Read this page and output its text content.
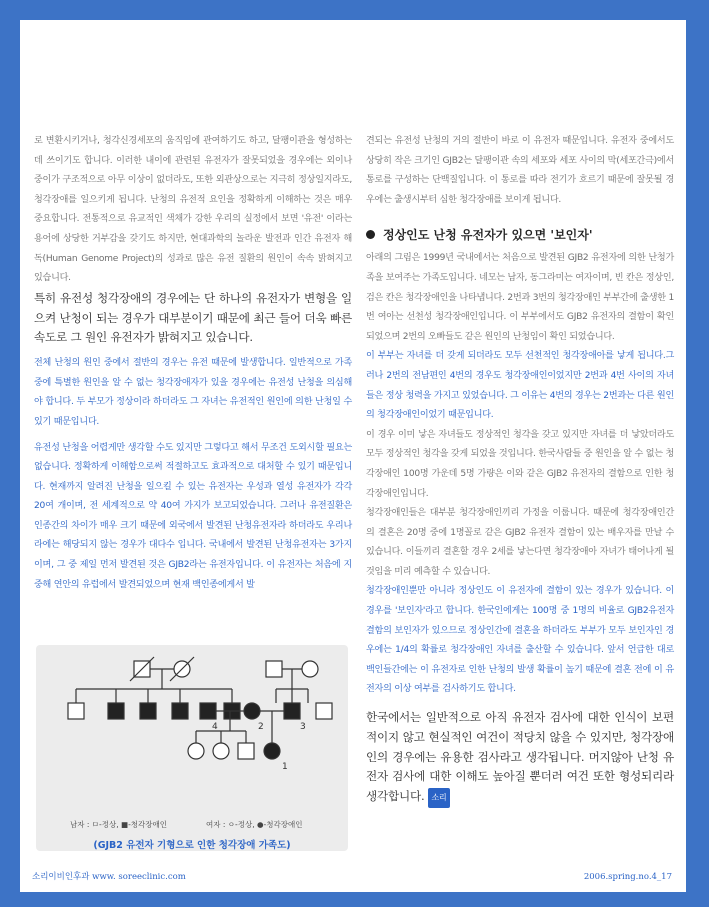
로 변환시키거나, 청각신경세포의 움직임에 관여하기도 하고, 달팽이관을 형성하는 데 쓰이기도 합니다. 이러한 내이에 관련된 유전자가 잘못되었을 경우에는 외이나 중이가 구조적으로 아무 이상이 없더라도, 또한 외관상으로는 지극히 정상일지라도, 청각장애를 일으키게 됩니다. 난청의 유전적 요인을 정확하게 이해하는 것은 매우 중요합니다. 전통적으로 유교적인 색채가 강한 우리의 실정에서 보면 '유전' 이라는 용어에 상당한 거부감을 갖기도 하지만, 현대과학의 놀라운 발전과 인간 유전자 해독(Human Genome Project)의 성과로 많은 유전 질환의 원인이 속속 밝혀지고 있습니다.

특히 유전성 청각장애의 경우에는 단 하나의 유전자가 변형을 일으켜 난청이 되는 경우가 대부분이기 때문에 최근 들어 더욱 빠른 속도로 그 원인 유전자가 밝혀지고 있습니다.

전체 난청의 원인 중에서 절반의 경우는 유전 때문에 발생합니다. 일반적으로 가족 중에 특별한 원인을 알 수 없는 청각장애자가 있을 경우에는 유전성 난청을 의심해야 합니다. 두 부모가 정상이라 하더라도 그 자녀는 유전적인 원인에 의한 난청일 수 있기 때문입니다.

유전성 난청을 어렵게만 생각할 수도 있지만 그렇다고 해서 무조건 도외시할 필요는 없습니다. 정확하게 이해함으로써 적절하고도 효과적으로 대처할 수 있기 때문입니다. 현재까지 알려진 난청을 일으킬 수 있는 유전자는 우성과 열성 유전자가 각각 20여 개이며, 전 세계적으로 약 40여 가지가 보고되었습니다. 그러나 유전질환은 인종간의 차이가 매우 크기 때문에 외국에서 발견된 난청유전자라 하더라도 우리나라에는 해당되지 않는 경우가 대다수 입니다. 국내에서 발견된 난청유전자는 3가지이며, 그 중 제일 먼저 발견된 것은 GJB2라는 유전자입니다. 이 유전자는 처음에 지중해 연안의 유럽에서 발견되었으며 현재 백인종에게서 발

4	2	3
1
남자 : ㅁ-정상, ■-청각장애인	여자 : ㅇ-정상, ●-청각장애인
(GJB2 유전자 기형으로 인한 청각장애 가족도)

견되는 유전성 난청의 거의 절반이 바로 이 유전자 때문입니다. 유전자 중에서도 상당히 작은 크기인 GJB2는 달팽이관 속의 세포와 세포 사이의 막(세포간극)에서 통로를 구성하는 단백질입니다. 이 통로를 따라 전기가 흐르기 때문에 잘못될 경우에는 출생시부터 심한 청각장애를 보이게 됩니다.

정상인도 난청 유전자가 있으면 '보인자'

아래의 그림은 1999년 국내에서는 처음으로 발견된 GJB2 유전자에 의한 난청가족을 보여주는 가족도입니다. 네모는 남자, 동그라미는 여자이며, 빈 칸은 정상인, 검은 칸은 청각장애인을 나타냅니다. 2번과 3번의 청각장애인 부부간에 출생한 1번 여아는 선천성 청각장애인입니다. 이 부부에서도 GJB2 유전자의 결함이 확인되었으며 2번의 오빠들도 같은 원인의 난청임이 확인 되었습니다.

이 부부는 자녀를 더 갖게 되더라도 모두 선천적인 청각장애아를 낳게 됩니다.그러나 2번의 전남편인 4번의 경우도 청각장애인이었지만 2번과 4번 사이의 자녀들은 정상 청력을 가지고 있었습니다. 그 이유는 4번의 경우는 2번과는 다른 원인의 청각장애인이었기 때문입니다.

이 경우 이미 낳은 자녀들도 정상적인 청각을 갖고 있지만 자녀를 더 낳았더라도 모두 정상적인 청각을 갖게 되었을 것입니다. 한국사람들 중 원인을 알 수 없는 청각장애인 100명 가운데 5명 가량은 이와 같은 GJB2 유전자의 결함으로 인한 청각장애인입니다.

청각장애인들은 대부분 청각장애인끼리 가정을 이룹니다. 때문에 청각장애인간의 결혼은 20명 중에 1명꼴로 같은 GJB2 유전자 결함이 있는 배우자를 만날 수 있습니다. 이들끼리 결혼할 경우 2세를 낳는다면 청각장애아 자녀가 태어나게 될 것임을 미리 예측할 수 있습니다.

청각장애인뿐만 아니라 정상인도 이 유전자에 결함이 있는 경우가 있습니다. 이 경우를 '보인자'라고 합니다. 한국인에게는 100명 중 1명의 비율로 GJB2유전자 결함의 보인자가 있으므로 정상인간에 결혼을 하더라도 부부가 모두 보인자인 경우에는 1/4의 확률로 청각장애인 자녀를 출산할 수 있습니다. 앞서 언급한 대로 백인들간에는 이 유전자로 인한 난청의 발생 확률이 높기 때문에 결혼 전에 이 유전자의 이상 여부를 검사하기도 합니다.

한국에서는 일반적으로 아직 유전자 검사에 대한 인식이 보편적이지 않고 현실적인 여건이 적당치 않을 수 있지만, 청각장애인의 경우에는 유용한 검사라고 생각됩니다. 머지않아 난청 유전자 검사에 대한 이해도 높아질 뿐더러 여건 또한 형성되리라 생각합니다. 소리

소리이비인후과 www. soreeclinic.com	2006.spring.no.4_17
